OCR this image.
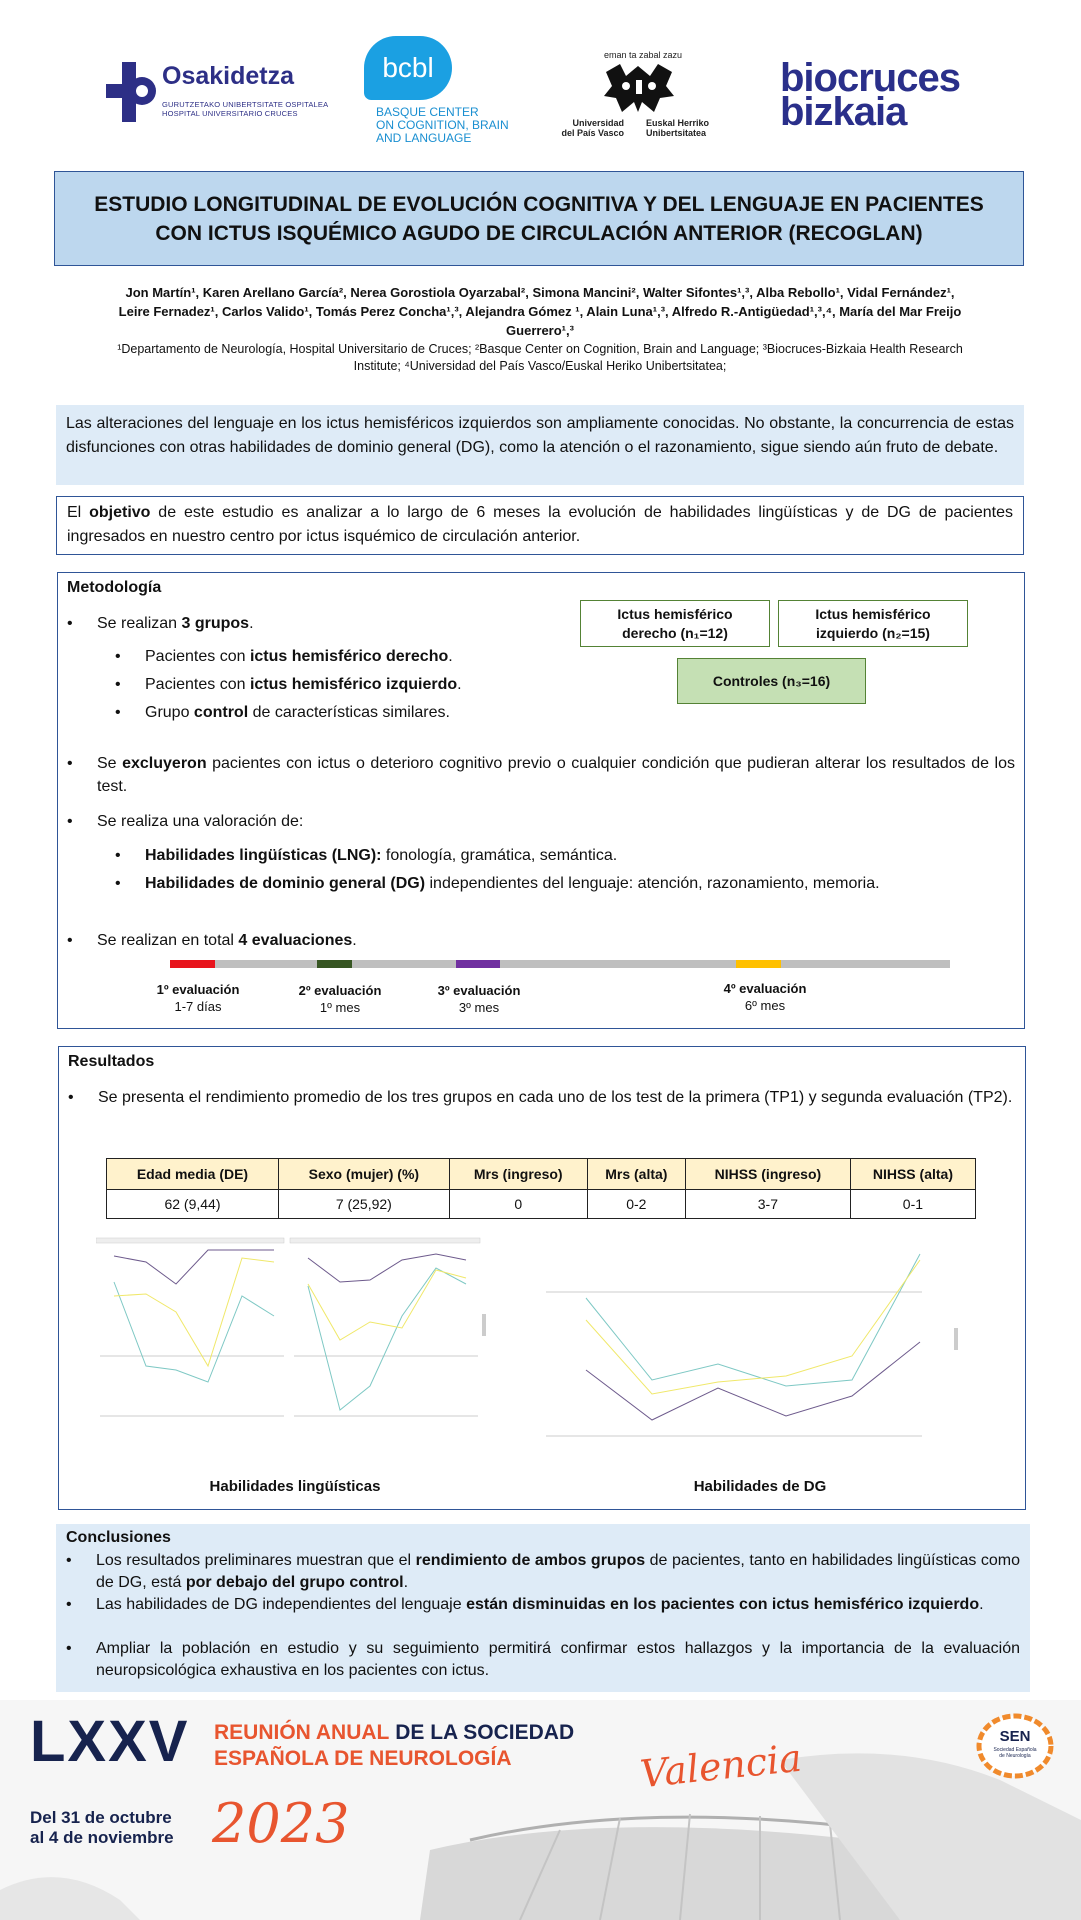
Osakidetza
GURUTZETAKO UNIBERTSITATE OSPITALEA
HOSPITAL UNIVERSITARIO CRUCES
bcbl
BASQUE CENTER
ON COGNITION, BRAIN
AND LANGUAGE
eman ta zabal zazu
Universidad
del País Vasco
Euskal Herriko
Unibertsitatea
biocruces
bizkaia
ESTUDIO LONGITUDINAL DE EVOLUCIÓN COGNITIVA Y DEL LENGUAJE EN PACIENTES CON ICTUS ISQUÉMICO AGUDO DE CIRCULACIÓN ANTERIOR (RECOGLAN)
Jon Martín¹, Karen Arellano García², Nerea Gorostiola Oyarzabal², Simona Mancini², Walter Sifontes¹,³, Alba Rebollo¹, Vidal Fernández¹,
Leire Fernadez¹, Carlos Valido¹, Tomás Perez Concha¹,³, Alejandra Gómez ¹, Alain Luna¹,³, Alfredo R.-Antigüedad¹,³,⁴, María del Mar Freijo
Guerrero¹,³
¹Departamento de Neurología, Hospital Universitario de Cruces; ²Basque Center on Cognition, Brain and Language; ³Biocruces-Bizkaia Health Research
Institute; ⁴Universidad del País Vasco/Euskal Heriko Unibertsitatea;
Las alteraciones del lenguaje en los ictus hemisféricos izquierdos son ampliamente conocidas. No obstante, la concurrencia de estas disfunciones con otras habilidades de dominio general (DG), como la atención o el razonamiento, sigue siendo aún fruto de debate.
El objetivo de este estudio es analizar a lo largo de 6 meses la evolución de habilidades lingüísticas y de DG de pacientes ingresados en nuestro centro por ictus isquémico de circulación anterior.
Metodología
• Se realizan 3 grupos.
• Pacientes con ictus hemisférico derecho.
• Pacientes con ictus hemisférico izquierdo.
• Grupo control de características similares.
Ictus hemisférico
derecho (n₁=12)
Ictus hemisférico
izquierdo (n₂=15)
Controles (n₃=16)
• Se excluyeron pacientes con ictus o deterioro cognitivo previo o cualquier condición que pudieran alterar los resultados de los test.
• Se realiza una valoración de:
• Habilidades lingüísticas (LNG): fonología, gramática, semántica.
• Habilidades de dominio general (DG) independientes del lenguaje: atención, razonamiento, memoria.
• Se realizan en total 4 evaluaciones.
1º evaluación
1-7 días
2º evaluación
1º mes
3º evaluación
3º mes
4º evaluación
6º mes
Resultados
• Se presenta el rendimiento promedio de los tres grupos en cada uno de los test de la primera (TP1) y segunda evaluación (TP2).
Edad media (DE)	Sexo (mujer) (%)	Mrs (ingreso)	Mrs (alta)	NIHSS (ingreso)	NIHSS (alta)
62 (9,44)	7 (25,92)	0	0-2	3-7	0-1
Habilidades lingüísticas	Habilidades de DG
Conclusiones
• Los resultados preliminares muestran que el rendimiento de ambos grupos de pacientes, tanto en habilidades lingüísticas como de DG, está por debajo del grupo control.
• Las habilidades de DG independientes del lenguaje están disminuidas en los pacientes con ictus hemisférico izquierdo.
• Ampliar la población en estudio y su seguimiento permitirá confirmar estos hallazgos y la importancia de la evaluación neuropsicológica exhaustiva en los pacientes con ictus.
LXXV REUNIÓN ANUAL DE LA SOCIEDAD
ESPAÑOLA DE NEUROLOGÍA
Del 31 de octubre
al 4 de noviembre 2023
Valencia	SEN
Sociedad Española
de Neurología
